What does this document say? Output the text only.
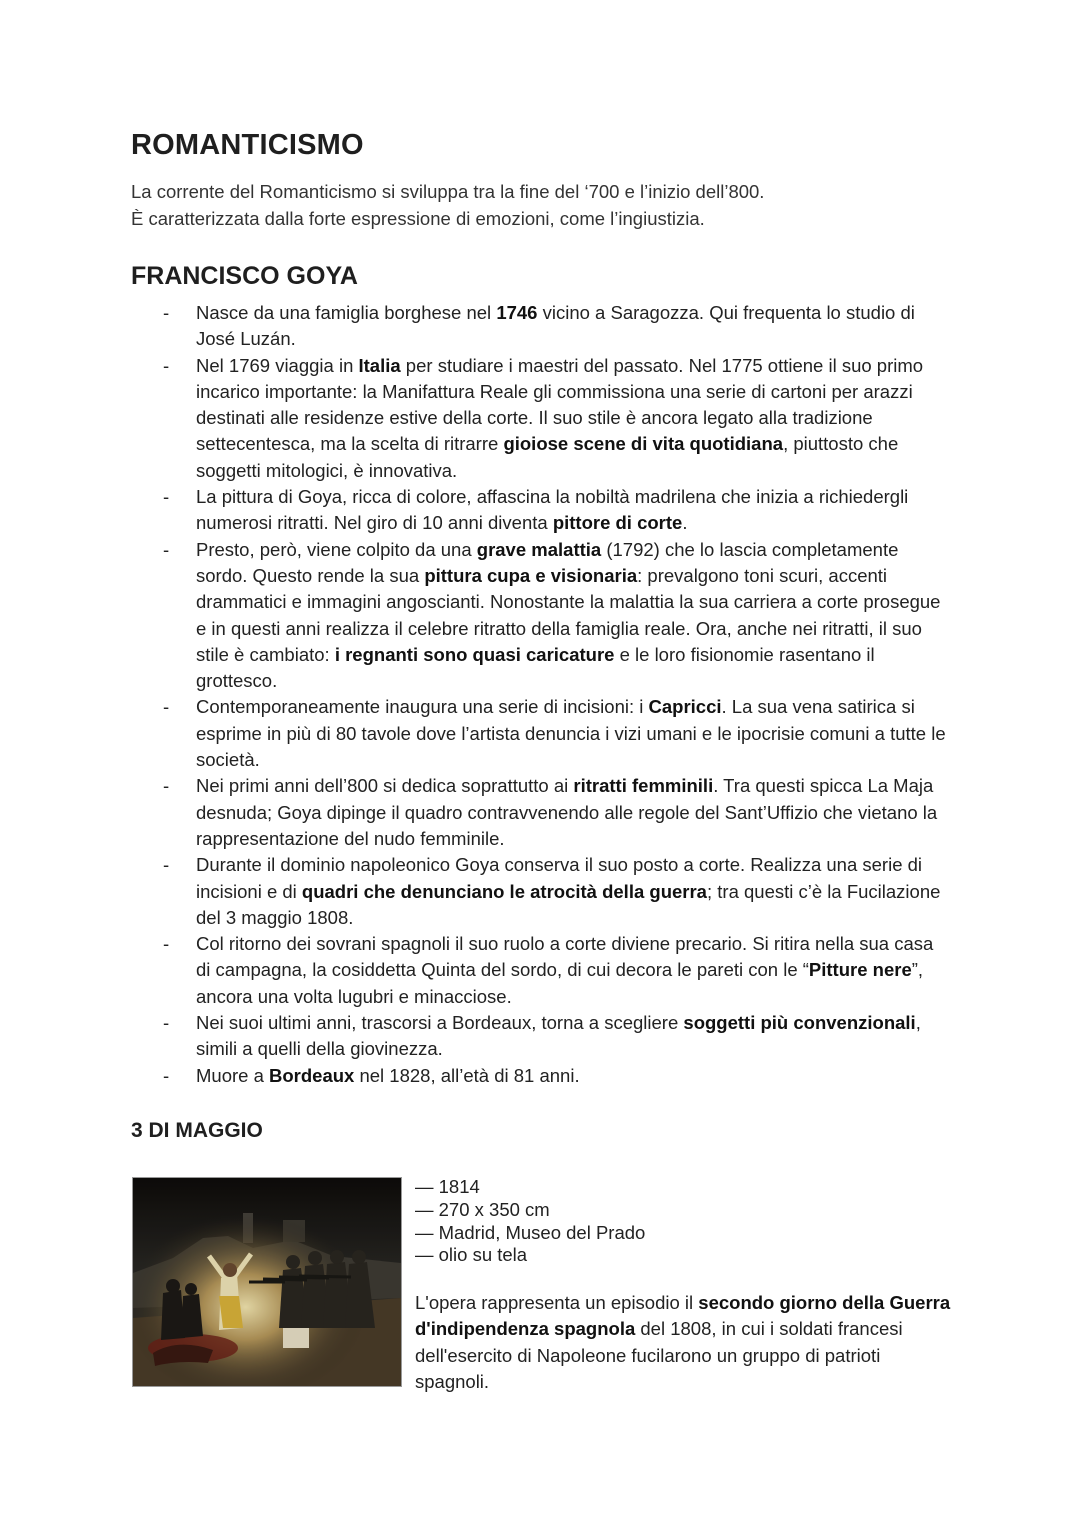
ROMANTICISMO

La corrente del Romanticismo si sviluppa tra la fine del ‘700 e l’inizio dell’800.

È caratterizzata dalla forte espressione di emozioni, come l’ingiustizia.

FRANCISCO GOYA
- Nasce da una famiglia borghese nel 1746 vicino a Saragozza. Qui frequenta lo studio di José Luzán.
- Nel 1769 viaggia in Italia per studiare i maestri del passato. Nel 1775 ottiene il suo primo incarico importante: la Manifattura Reale gli commissiona una serie di cartoni per arazzi destinati alle residenze estive della corte. Il suo stile è ancora legato alla tradizione settecentesca, ma la scelta di ritrarre gioiose scene di vita quotidiana, piuttosto che soggetti mitologici, è innovativa.
- La pittura di Goya, ricca di colore, affascina la nobiltà madrilena che inizia a richiedergli numerosi ritratti. Nel giro di 10 anni diventa pittore di corte.
- Presto, però, viene colpito da una grave malattia (1792) che lo lascia completamente sordo. Questo rende la sua pittura cupa e visionaria: prevalgono toni scuri, accenti drammatici e immagini angoscianti. Nonostante la malattia la sua carriera a corte prosegue e in questi anni realizza il celebre ritratto della famiglia reale. Ora, anche nei ritratti, il suo stile è cambiato: i regnanti sono quasi caricature e le loro fisionomie rasentano il grottesco.
- Contemporaneamente inaugura una serie di incisioni: i Capricci. La sua vena satirica si esprime in più di 80 tavole dove l’artista denuncia i vizi umani e le ipocrisie comuni a tutte le società.
- Nei primi anni dell’800 si dedica soprattutto ai ritratti femminili. Tra questi spicca La Maja desnuda; Goya dipinge il quadro contravvenendo alle regole del Sant’Uffizio che vietano la rappresentazione del nudo femminile.
- Durante il dominio napoleonico Goya conserva il suo posto a corte. Realizza una serie di incisioni e di quadri che denunciano le atrocità della guerra; tra questi c’è la Fucilazione del 3 maggio 1808.
- Col ritorno dei sovrani spagnoli il suo ruolo a corte diviene precario. Si ritira nella sua casa di campagna, la cosiddetta Quinta del sordo, di cui decora le pareti con le “Pitture nere”, ancora una volta lugubri e minacciose.
- Nei suoi ultimi anni, trascorsi a Bordeaux, torna a scegliere soggetti più convenzionali, simili a quelli della giovinezza.
- Muore a Bordeaux nel 1828, all’età di 81 anni.
3 DI MAGGIO
— 1814
— 270 x 350 cm
— Madrid, Museo del Prado
— olio su tela
L'opera rappresenta un episodio il secondo giorno della Guerra d'indipendenza spagnola del 1808, in cui i soldati francesi dell'esercito di Napoleone fucilarono un gruppo di patrioti spagnoli.
